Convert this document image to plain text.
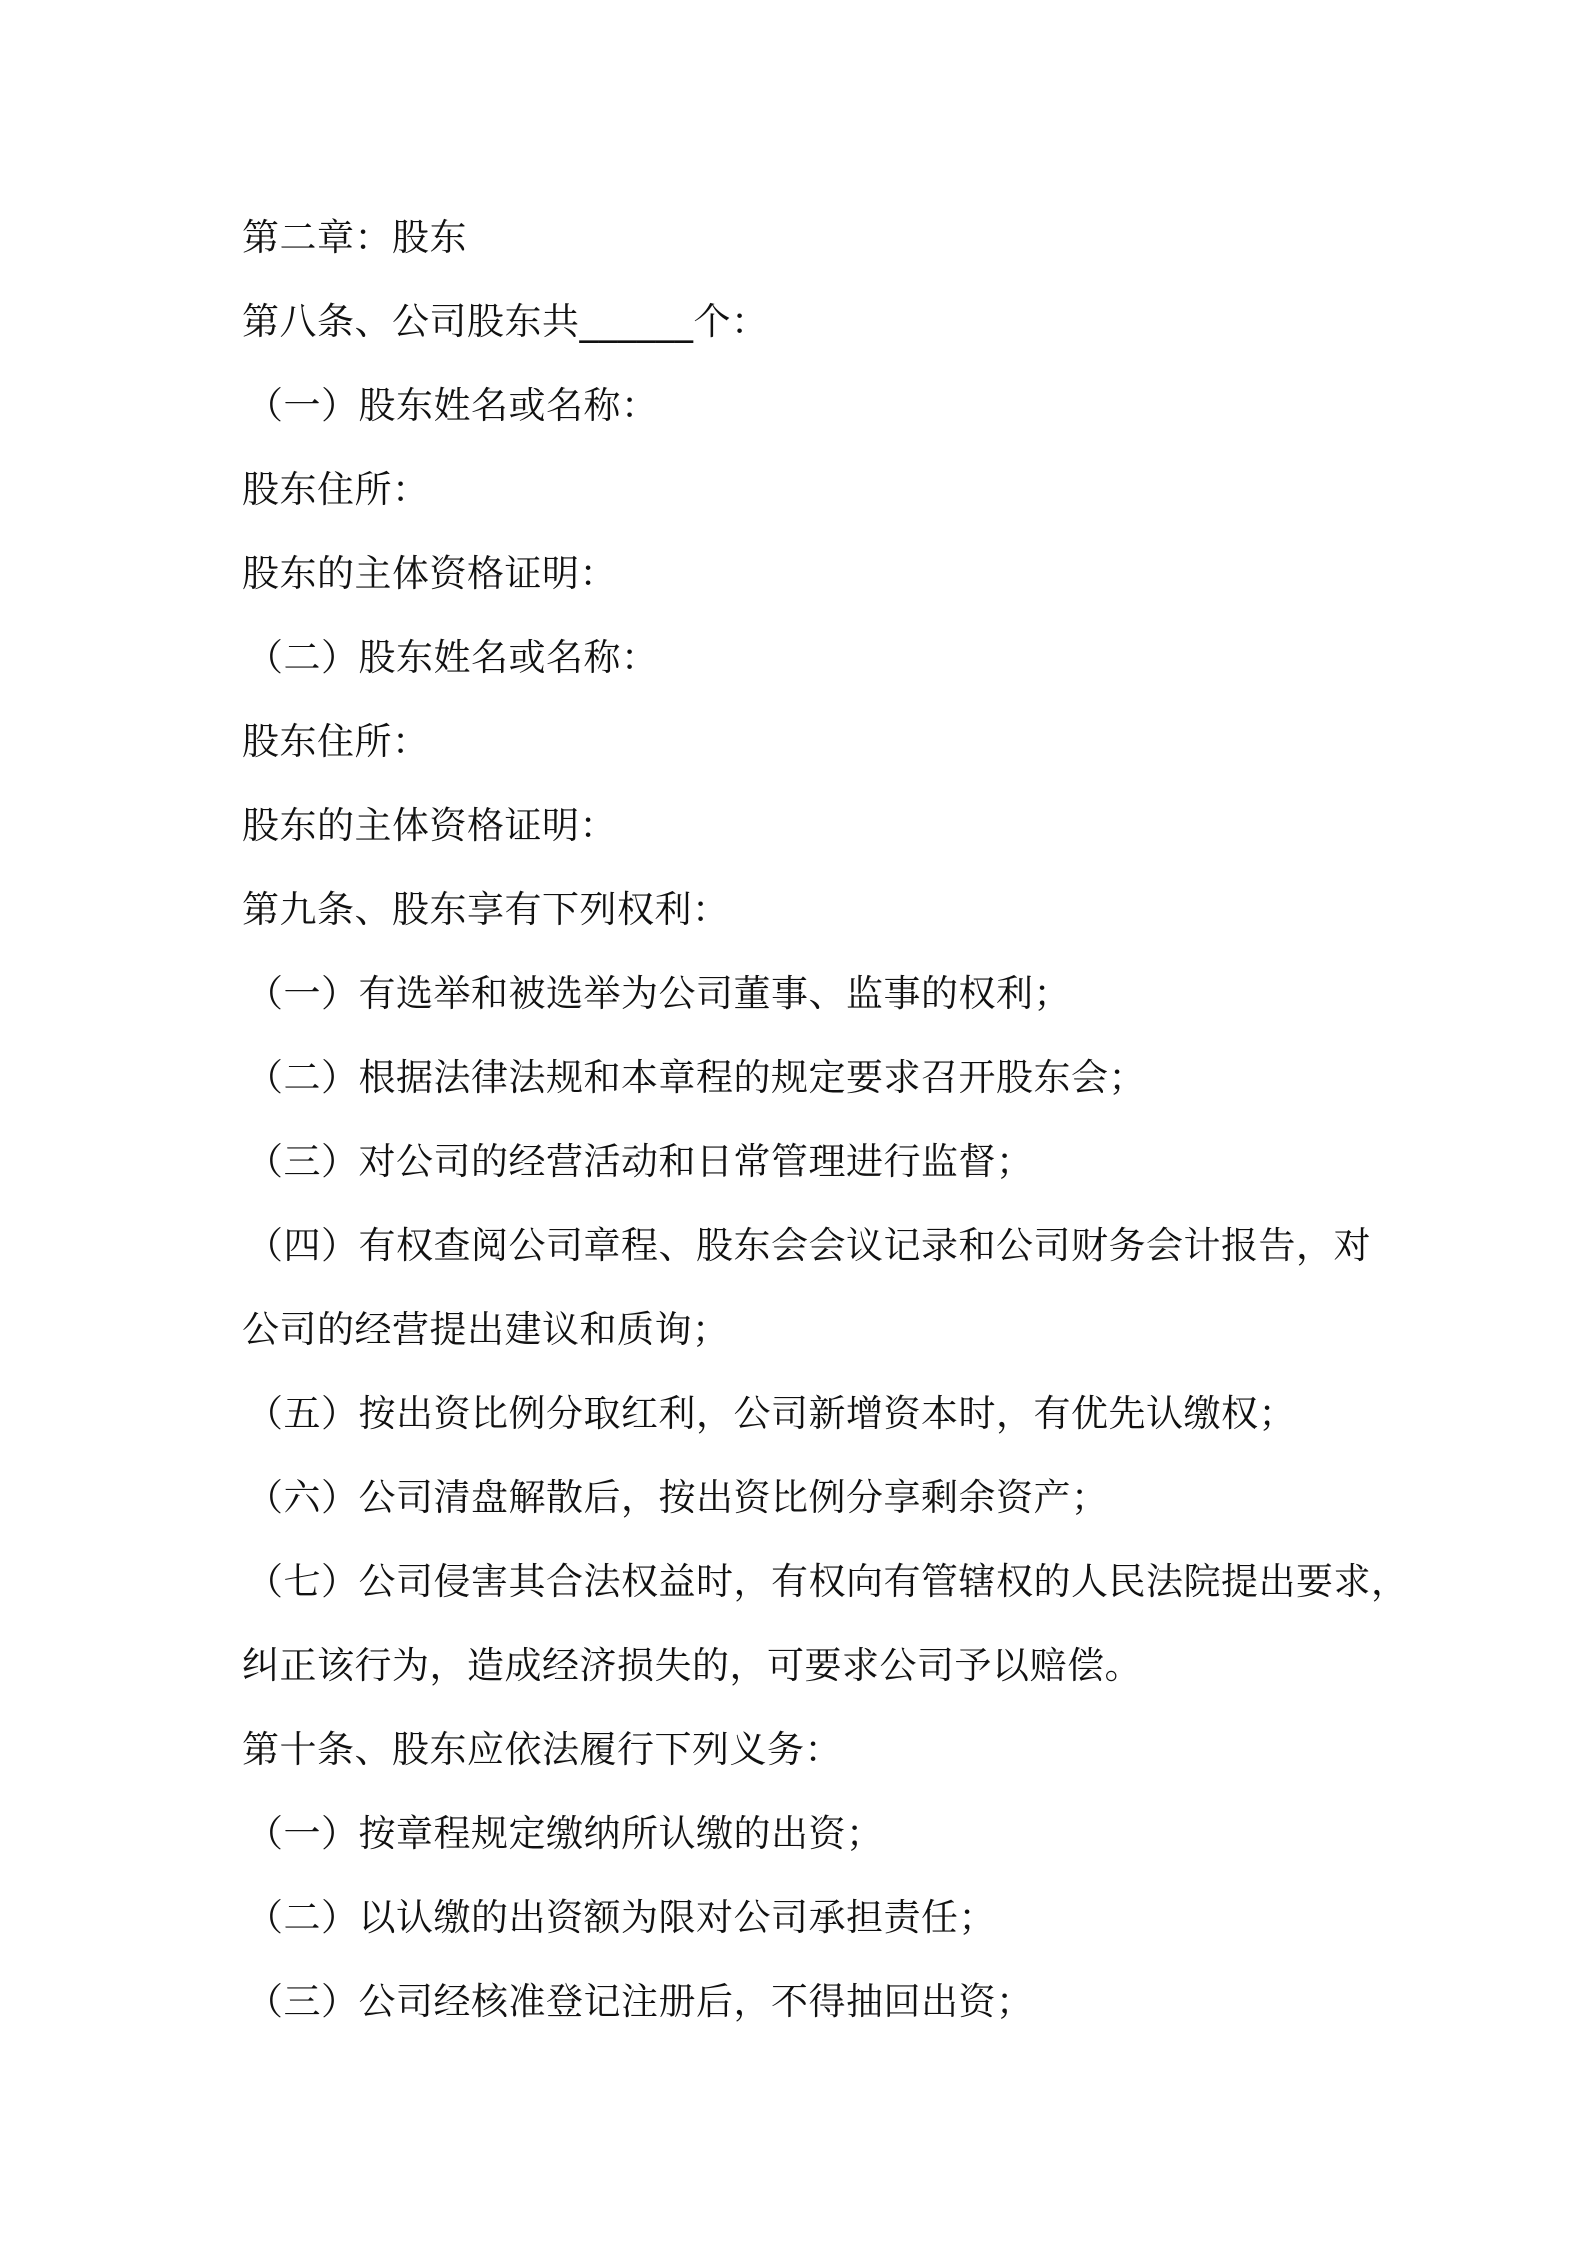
第二章：股东
第八条、公司股东共______个：
（一）股东姓名或名称：
股东住所：
股东的主体资格证明：
（二）股东姓名或名称：
股东住所：
股东的主体资格证明：
第九条、股东享有下列权利：
（一）有选举和被选举为公司董事、监事的权利；
（二）根据法律法规和本章程的规定要求召开股东会；
（三）对公司的经营活动和日常管理进行监督；
（四）有权查阅公司章程、股东会会议记录和公司财务会计报告，对
公司的经营提出建议和质询；
（五）按出资比例分取红利，公司新增资本时，有优先认缴权；
（六）公司清盘解散后，按出资比例分享剩余资产；
（七）公司侵害其合法权益时，有权向有管辖权的人民法院提出要求，
纠正该行为，造成经济损失的，可要求公司予以赔偿。
第十条、股东应依法履行下列义务：
（一）按章程规定缴纳所认缴的出资；
（二）以认缴的出资额为限对公司承担责任；
（三）公司经核准登记注册后，不得抽回出资；
